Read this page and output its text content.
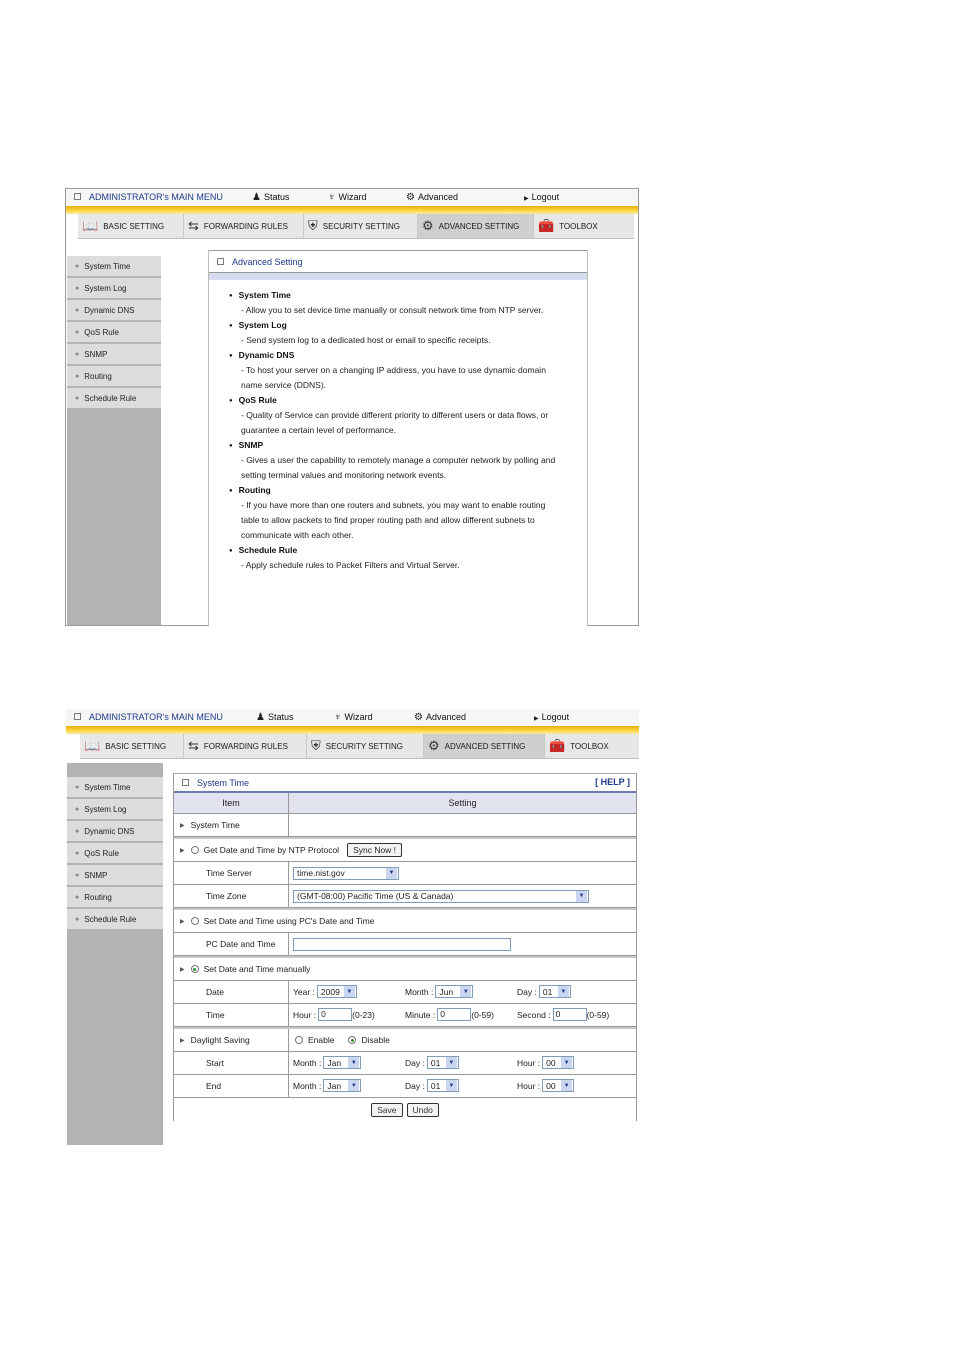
ADMINISTRATOR's MAIN MENU	♟ Status	♆ Wizard	⚙ Advanced	▶ Logout
📖 BASIC SETTING ⇆ FORWARDING RULES ⛨ SECURITY SETTING ⚙ ADVANCED SETTING 🧰 TOOLBOX
● System Time
● System Log
● Dynamic DNS
● QoS Rule
● SNMP
● Routing
● Schedule Rule
Advanced Setting
● System Time
- Allow you to set device time manually or consult network time from NTP server.
● System Log
- Send system log to a dedicated host or email to specific receipts.
● Dynamic DNS
- To host your server on a changing IP address, you have to use dynamic domain name service (DDNS).
● QoS Rule
- Quality of Service can provide different priority to different users or data flows, or guarantee a certain level of performance.
● SNMP
- Gives a user the capability to remotely manage a computer network by polling and setting terminal values and monitoring network events.
● Routing
- If you have more than one routers and subnets, you may want to enable routing table to allow packets to find proper routing path and allow different subnets to communicate with each other.
● Schedule Rule
- Apply schedule rules to Packet Filters and Virtual Server.
ADMINISTRATOR's MAIN MENU	♟ Status	♆ Wizard	⚙ Advanced	▶ Logout
📖 BASIC SETTING ⇆ FORWARDING RULES ⛨ SECURITY SETTING ⚙ ADVANCED SETTING 🧰 TOOLBOX
● System Time
● System Log
● Dynamic DNS
● QoS Rule
● SNMP
● Routing
● Schedule Rule
System Time	[ HELP ]
Item	Setting
▶ System Time
▶ Get Date and Time by NTP Protocol	Sync Now !
Time Server	time.nist.gov	▼
Time Zone	(GMT-08:00) Pacific Time (US & Canada)	▼
▶ Set Date and Time using PC's Date and Time
PC Date and Time
▶ Set Date and Time manually
Date	Year : 2009	▼	Month : Jun	▼	Day : 01	▼
Time	Hour : 0	(0-23)	Minute : 0	(0-59)	Second : 0	(0-59)
▶ Daylight Saving	Enable	Disable
Start	Month : Jan	▼	Day : 01	▼	Hour : 00	▼
End	Month : Jan	▼	Day : 01	▼	Hour : 00	▼
Save	Undo
